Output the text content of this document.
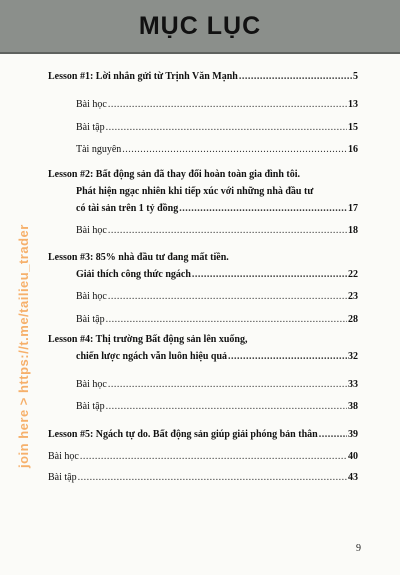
MỤC LỤC
join here > https://t.me/tailieu_trader
Lesson #1: Lời nhắn gửi từ Trịnh Văn Mạnh .....	5
Bài học .....	13
Bài tập .....	15
Tài nguyên .....	16
Lesson #2: Bất động sản đã thay đổi hoàn toàn gia đình tôi.
Phát hiện ngạc nhiên khi tiếp xúc với những nhà đầu tư
có tài sản trên 1 tỷ đồng .....	17
Bài học .....	18
Lesson #3: 85% nhà đầu tư đang mất tiền.
Giải thích công thức ngách .....	22
Bài học .....	23
Bài tập .....	28
Lesson #4: Thị trường Bất động sản lên xuống,
chiến lược ngách vẫn luôn hiệu quả .....	32
Bài học .....	33
Bài tập .....	38
Lesson #5: Ngách tự do. Bất động sản giúp giải phóng bản thân .....	39
Bài học .....	40
Bài tập .....	43
9
